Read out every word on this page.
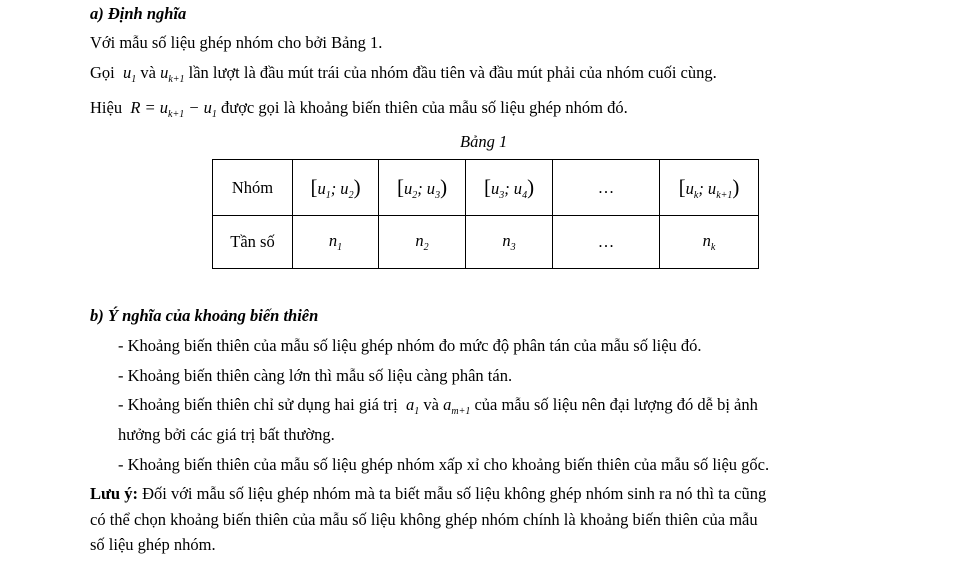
a) Định nghĩa
Với mẫu số liệu ghép nhóm cho bởi Bảng 1.
Gọi  $u_1$ và $u_{k+1}$ lần lượt là đầu mút trái của nhóm đầu tiên và đầu mút phải của nhóm cuối cùng.
Hiệu  $R = u_{k+1} - u_1$ được gọi là khoảng biến thiên của mẫu số liệu ghép nhóm đó.
Bảng 1
Nhóm	[$u_1$; $u_2$)	[$u_2$; $u_3$)	[$u_3$; $u_4$)	…	[$u_k$; $u_{k+1}$)
Tần số	$n_1$	$n_2$	$n_3$	…	$n_k$
b) Ý nghĩa của khoảng biến thiên
- Khoảng biến thiên của mẫu số liệu ghép nhóm đo mức độ phân tán của mẫu số liệu đó.
- Khoảng biến thiên càng lớn thì mẫu số liệu càng phân tán.
- Khoảng biến thiên chỉ sử dụng hai giá trị  $a_1$ và $a_{m+1}$ của mẫu số liệu nên đại lượng đó dễ bị ảnh
hưởng bởi các giá trị bất thường.
- Khoảng biến thiên của mẫu số liệu ghép nhóm xấp xỉ cho khoảng biến thiên của mẫu số liệu gốc.
Lưu ý: Đối với mẫu số liệu ghép nhóm mà ta biết mẫu số liệu không ghép nhóm sinh ra nó thì ta cũng
có thể chọn khoảng biến thiên của mẫu số liệu không ghép nhóm chính là khoảng biến thiên của mẫu
số liệu ghép nhóm.
